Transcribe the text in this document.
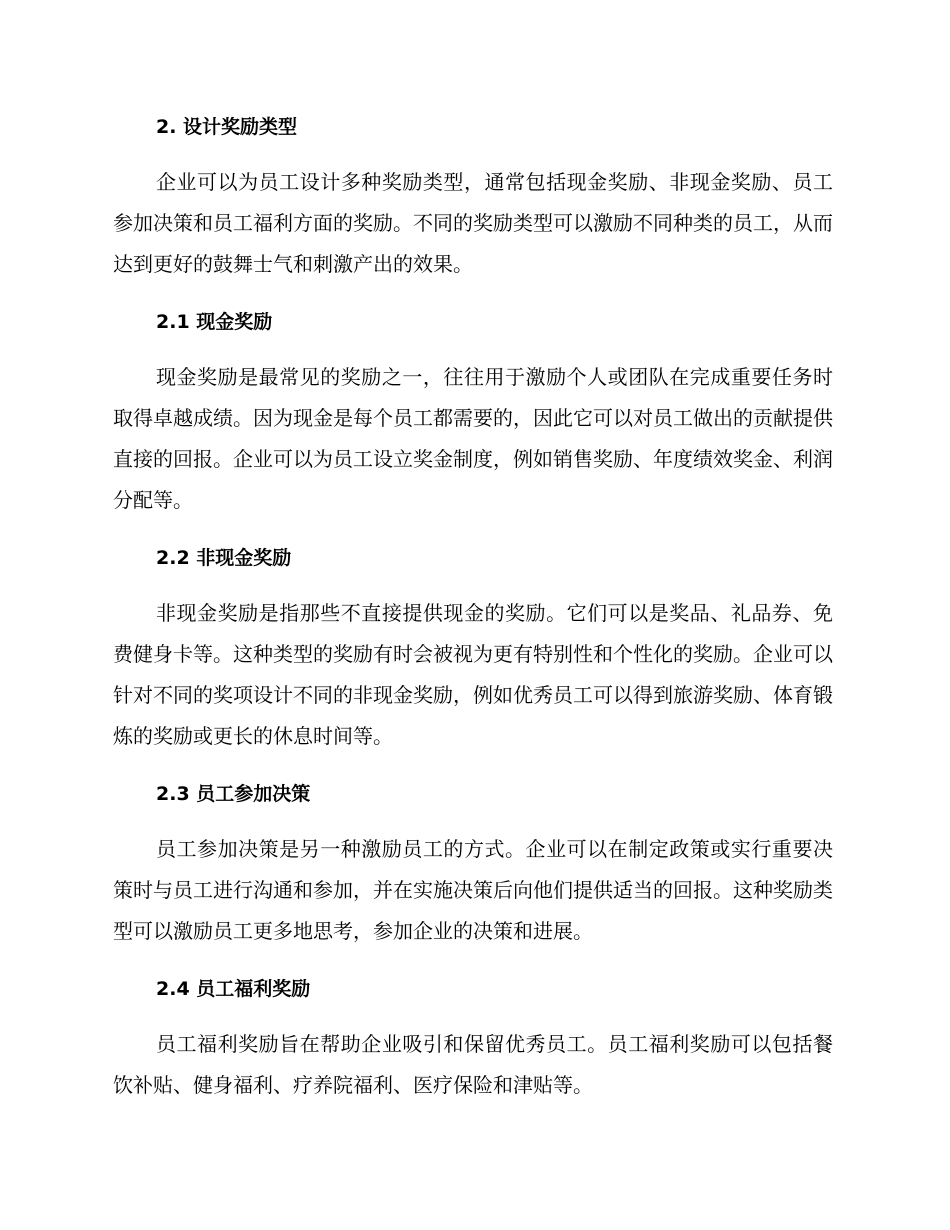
2. 设计奖励类型

企业可以为员工设计多种奖励类型，通常包括现金奖励、非现金奖励、员工参加决策和员工福利方面的奖励。不同的奖励类型可以激励不同种类的员工，从而达到更好的鼓舞士气和刺激产出的效果。

2.1 现金奖励

现金奖励是最常见的奖励之一，往往用于激励个人或团队在完成重要任务时取得卓越成绩。因为现金是每个员工都需要的，因此它可以对员工做出的贡献提供直接的回报。企业可以为员工设立奖金制度，例如销售奖励、年度绩效奖金、利润分配等。

2.2 非现金奖励

非现金奖励是指那些不直接提供现金的奖励。它们可以是奖品、礼品券、免费健身卡等。这种类型的奖励有时会被视为更有特别性和个性化的奖励。企业可以针对不同的奖项设计不同的非现金奖励，例如优秀员工可以得到旅游奖励、体育锻炼的奖励或更长的休息时间等。

2.3 员工参加决策

员工参加决策是另一种激励员工的方式。企业可以在制定政策或实行重要决策时与员工进行沟通和参加，并在实施决策后向他们提供适当的回报。这种奖励类型可以激励员工更多地思考，参加企业的决策和进展。

2.4 员工福利奖励

员工福利奖励旨在帮助企业吸引和保留优秀员工。员工福利奖励可以包括餐饮补贴、健身福利、疗养院福利、医疗保险和津贴等。
